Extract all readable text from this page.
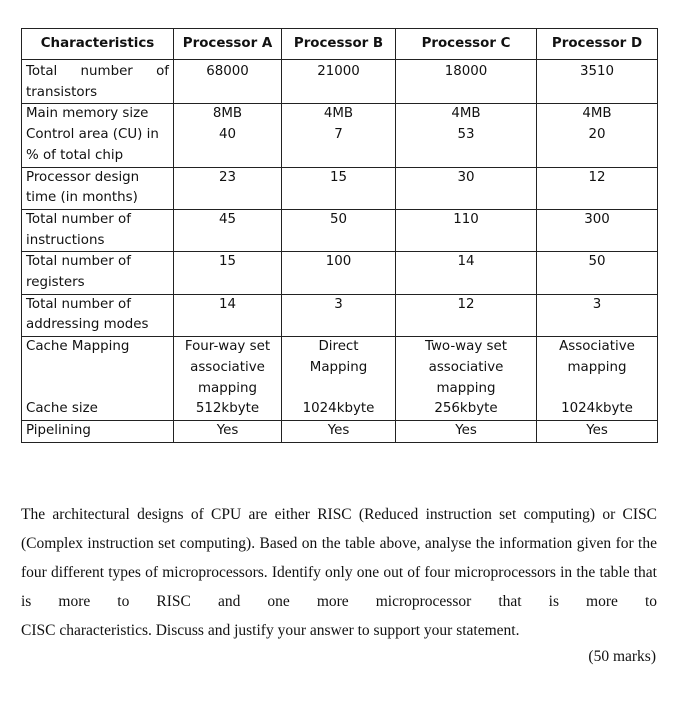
Characteristics	Processor A	Processor B	Processor C	Processor D

Total number of transistors	68000	21000	18000	3510
Main memory size	8MB	4MB	4MB	4MB
Control area (CU) in % of total chip	40	7	53	20
Processor design time (in months)	23	15	30	12
Total number of instructions	45	50	110	300
Total number of registers	15	100	14	50
Total number of addressing modes	14	3	12	3
Cache Mapping	Four-way set associative mapping	Direct Mapping	Two-way set associative mapping	Associative mapping
Cache size	512kbyte	1024kbyte	256kbyte	1024kbyte
Pipelining	Yes	Yes	Yes	Yes
The architectural designs of CPU are either RISC (Reduced instruction set computing) or CISC (Complex instruction set computing). Based on the table above, analyse the information given for the four different types of microprocessors. Identify only one out of four microprocessors in the table that is more to RISC and one more microprocessor that is more to
CISC characteristics. Discuss and justify your answer to support your statement.
(50 marks)
